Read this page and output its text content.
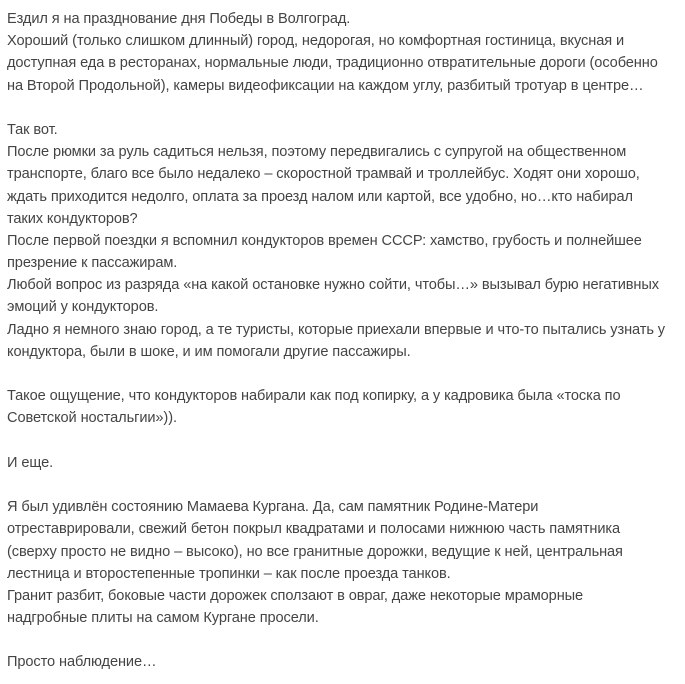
Ездил я на празднование дня Победы в Волгоград.
Хороший (только слишком длинный) город, недорогая, но комфортная гостиница, вкусная и
доступная еда в ресторанах, нормальные люди, традиционно отвратительные дороги (особенно
на Второй Продольной), камеры видеофиксации на каждом углу, разбитый тротуар в центре…
Так вот.
После рюмки за руль садиться нельзя, поэтому передвигались с супругой на общественном
транспорте, благо все было недалеко – скоростной трамвай и троллейбус. Ходят они хорошо,
ждать приходится недолго, оплата за проезд налом или картой, все удобно, но…кто набирал
таких кондукторов?
После первой поездки я вспомнил кондукторов времен СССР: хамство, грубость и полнейшее
презрение к пассажирам.
Любой вопрос из разряда «на какой остановке нужно сойти, чтобы…» вызывал бурю негативных
эмоций у кондукторов.
Ладно я немного знаю город, а те туристы, которые приехали впервые и что-то пытались узнать у
кондуктора, были в шоке, и им помогали другие пассажиры.
Такое ощущение, что кондукторов набирали как под копирку, а у кадровика была «тоска по
Советской ностальгии»)).
И еще.
Я был удивлён состоянию Мамаева Кургана. Да, сам памятник Родине-Матери
отреставрировали, свежий бетон покрыл квадратами и полосами нижнюю часть памятника
(сверху просто не видно – высоко), но все гранитные дорожки, ведущие к ней, центральная
лестница и второстепенные тропинки – как после проезда танков.
Гранит разбит, боковые части дорожек сползают в овраг, даже некоторые мраморные
надгробные плиты на самом Кургане просели.
Просто наблюдение…
